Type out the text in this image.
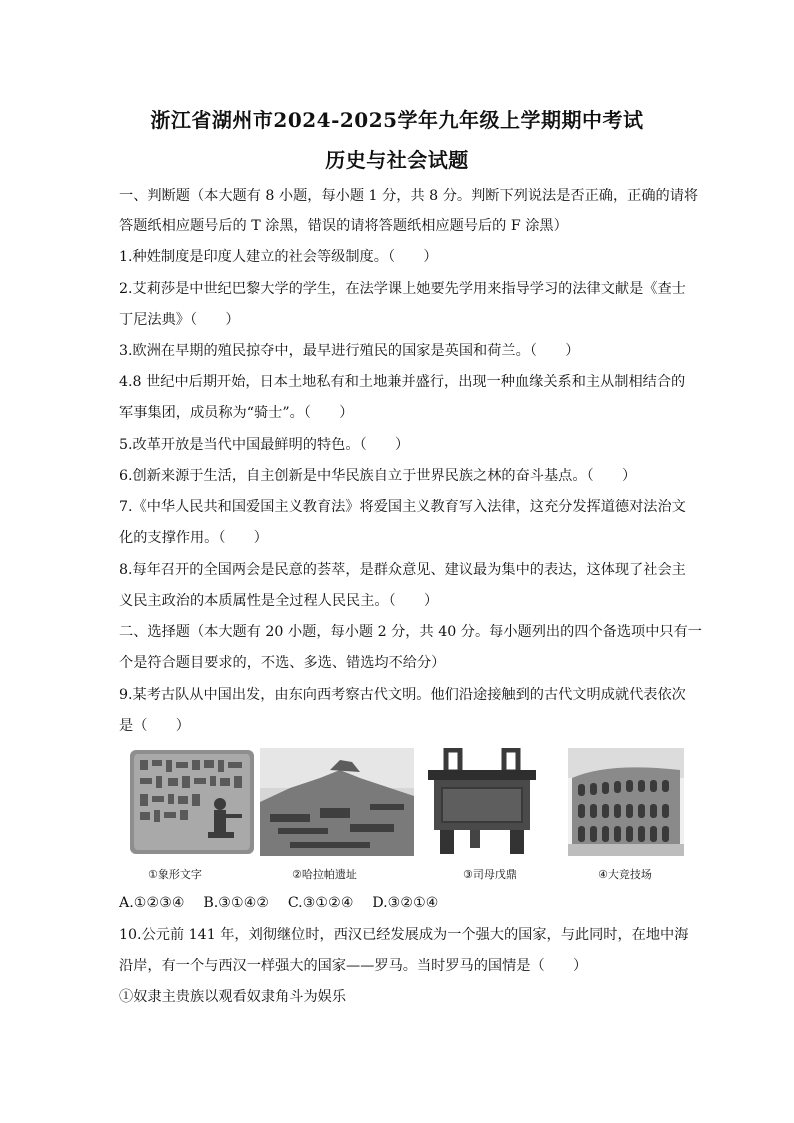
浙江省湖州市2024-2025学年九年级上学期期中考试
历史与社会试题
一、判断题（本大题有 8 小题，每小题 1 分，共 8 分。判断下列说法是否正确，正确的请将
答题纸相应题号后的 T 涂黑，错误的请将答题纸相应题号后的 F 涂黑）
1.种姓制度是印度人建立的社会等级制度。（　　）
2.艾莉莎是中世纪巴黎大学的学生，在法学课上她要先学用来指导学习的法律文献是《查士
丁尼法典》（　　）
3.欧洲在早期的殖民掠夺中，最早进行殖民的国家是英国和荷兰。（　　）
4.8 世纪中后期开始，日本土地私有和土地兼并盛行，出现一种血缘关系和主从制相结合的
军事集团，成员称为“骑士”。（　　）
5.改革开放是当代中国最鲜明的特色。（　　）
6.创新来源于生活，自主创新是中华民族自立于世界民族之林的奋斗基点。（　　）
7.《中华人民共和国爱国主义教育法》将爱国主义教育写入法律，这充分发挥道德对法治文
化的支撑作用。（　　）
8.每年召开的全国两会是民意的荟萃，是群众意见、建议最为集中的表达，这体现了社会主
义民主政治的本质属性是全过程人民民主。（　　）
二、选择题（本大题有 20 小题，每小题 2 分，共 40 分。每小题列出的四个备选项中只有一
个是符合题目要求的，不选、多选、错选均不给分）
9.某考古队从中国出发，由东向西考察古代文明。他们沿途接触到的古代文明成就代表依次
是（　　）
①象形文字	②哈拉帕遗址	③司母戊鼎	④大竞技场
A.①②③④　 B.③①④②　 C.③①②④　 D.③②①④
10.公元前 141 年，刘彻继位时，西汉已经发展成为一个强大的国家，与此同时，在地中海
沿岸，有一个与西汉一样强大的国家——罗马。当时罗马的国情是（　　）
①奴隶主贵族以观看奴隶角斗为娱乐
